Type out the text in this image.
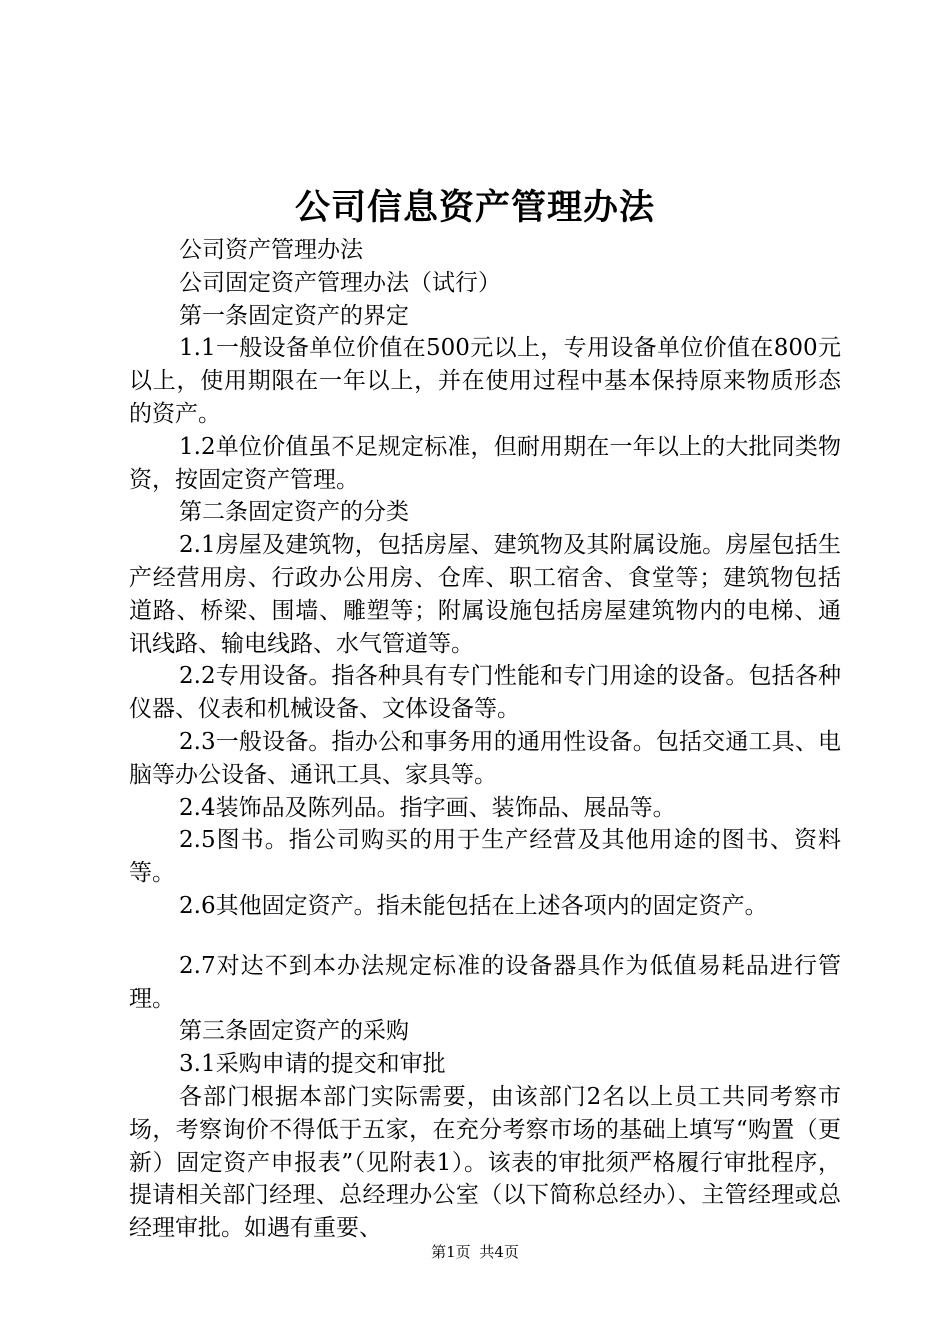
公司信息资产管理办法

公司资产管理办法

公司固定资产管理办法（试行）

第一条固定资产的界定

1.1一般设备单位价值在500元以上，专用设备单位价值在800元以上，使用期限在一年以上，并在使用过程中基本保持原来物质形态的资产。

1.2单位价值虽不足规定标准，但耐用期在一年以上的大批同类物资，按固定资产管理。

第二条固定资产的分类

2.1房屋及建筑物，包括房屋、建筑物及其附属设施。房屋包括生产经营用房、行政办公用房、仓库、职工宿舍、食堂等；建筑物包括道路、桥梁、围墙、雕塑等；附属设施包括房屋建筑物内的电梯、通讯线路、输电线路、水气管道等。

2.2专用设备。指各种具有专门性能和专门用途的设备。包括各种仪器、仪表和机械设备、文体设备等。

2.3一般设备。指办公和事务用的通用性设备。包括交通工具、电脑等办公设备、通讯工具、家具等。

2.4装饰品及陈列品。指字画、装饰品、展品等。

2.5图书。指公司购买的用于生产经营及其他用途的图书、资料等。

2.6其他固定资产。指未能包括在上述各项内的固定资产。

2.7对达不到本办法规定标准的设备器具作为低值易耗品进行管理。

第三条固定资产的采购

3.1采购申请的提交和审批

各部门根据本部门实际需要，由该部门2名以上员工共同考察市场，考察询价不得低于五家，在充分考察市场的基础上填写“购置（更新）固定资产申报表”（见附表1）。该表的审批须严格履行审批程序，提请相关部门经理、总经理办公室（以下简称总经办）、主管经理或总经理审批。如遇有重要、

第1页 共4页
